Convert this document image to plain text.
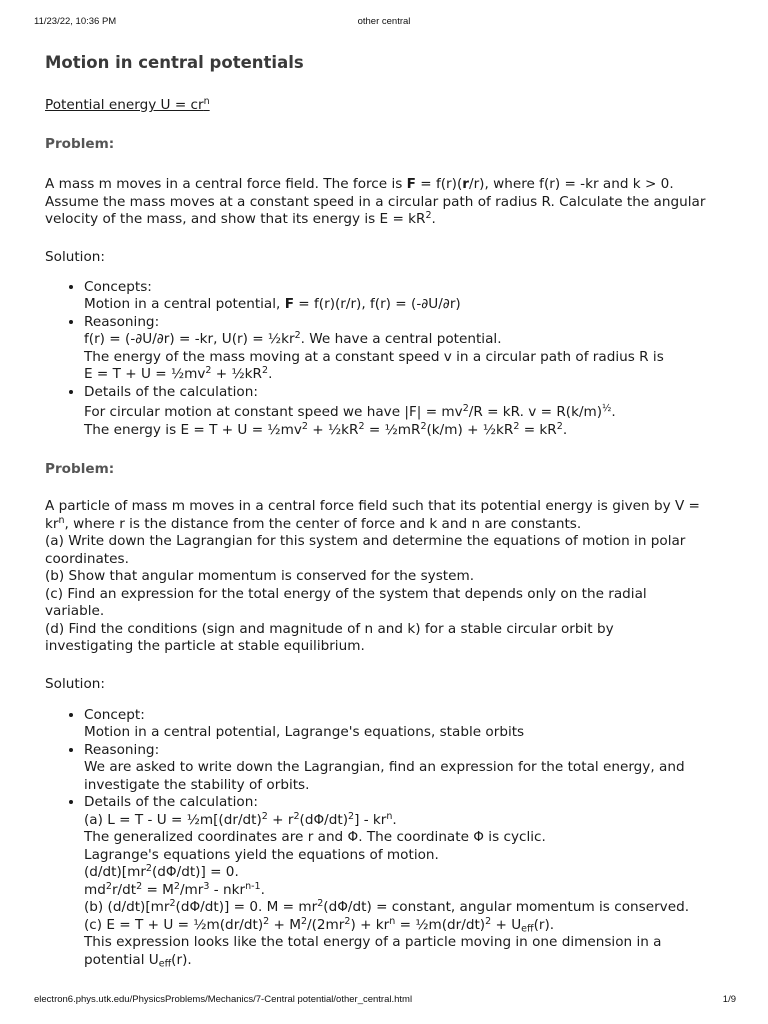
11/23/22, 10:36 PM	other central
Motion in central potentials
Potential energy $U = cr^n$
Problem:

A mass m moves in a central force field. The force is F = f(r)(r/r), where f(r) = -kr and k > 0.
Assume the mass moves at a constant speed in a circular path of radius R. Calculate the angular
velocity of the mass, and show that its energy is $E = kR^2$.

Solution:
• Concepts:
Motion in a central potential, F = f(r)(r/r), f(r) = (-∂U/∂r)
• Reasoning:
f(r) = (-∂U/∂r) = -kr, $U(r) = \frac{1}{2}kr^2$. We have a central potential.
The energy of the mass moving at a constant speed v in a circular path of radius R is
$E = T + U = \frac{1}{2}mv^2$ + $\frac{1}{2}kR^2$.
• Details of the calculation:
For circular motion at constant speed we have $|F| = mv^2/R$ = kR. $v = R(k/m)^{\frac{1}{2}}$.
The energy is $E = T + U = \frac{1}{2}mv^2$ + $\frac{1}{2}kR^2$ = $\frac{1}{2}mR^2(k/m)$ + $\frac{1}{2}kR^2 = kR^2$.
Problem:

A particle of mass m moves in a central force field such that its potential energy is given by V =
$kr^n$, where r is the distance from the center of force and k and n are constants.
(a) Write down the Lagrangian for this system and determine the equations of motion in polar
coordinates.
(b) Show that angular momentum is conserved for the system.
(c) Find an expression for the total energy of the system that depends only on the radial
variable.
(d) Find the conditions (sign and magnitude of n and k) for a stable circular orbit by
investigating the particle at stable equilibrium.

Solution:
• Concept:
Motion in a central potential, Lagrange's equations, stable orbits
• Reasoning:
We are asked to write down the Lagrangian, find an expression for the total energy, and
investigate the stability of orbits.
• Details of the calculation:
(a) $L = T - U = \frac{1}{2}m[(dr/dt)^2 + r^2(d\Phi/dt)^2] - kr^n$.
The generalized coordinates are r and Φ. The coordinate Φ is cyclic.
Lagrange's equations yield the equations of motion.
$(d/dt)[mr^2(d\Phi/dt)] = 0$.
$md^2r/dt^2 = M^2/mr^3 - nkr^{n-1}$.
(b) $(d/dt)[mr^2(d\Phi/dt)] = 0$. $M = mr^2(d\Phi/dt)$ = constant, angular momentum is conserved.
(c) $E = T + U = \frac{1}{2}m(dr/dt)^2 + M^2/(2mr^2) + kr^n$ = $\frac{1}{2}m(dr/dt)^2 + U_{eff}(r)$.
This expression looks like the total energy of a particle moving in one dimension in a
potential $U_{eff}(r)$.
electron6.phys.utk.edu/PhysicsProblems/Mechanics/7-Central potential/other_central.html	1/9
